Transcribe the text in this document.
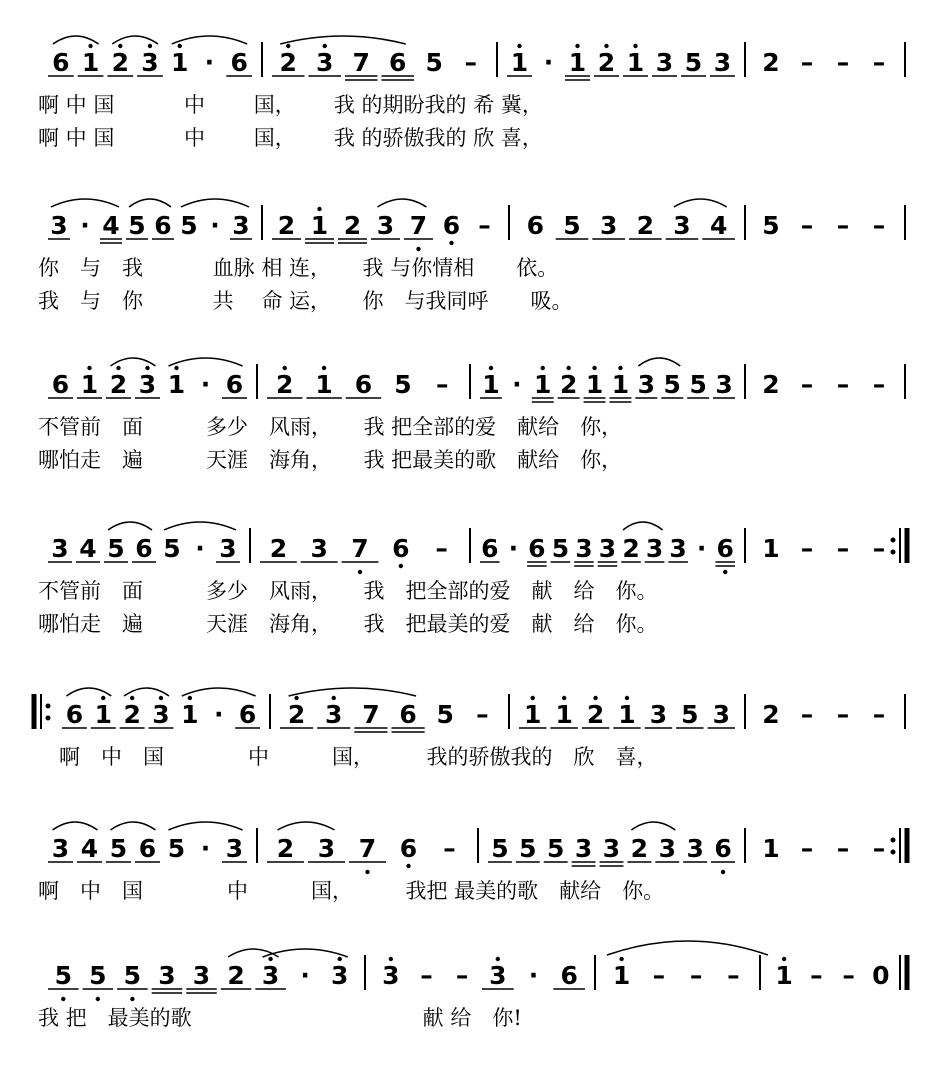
6 1 2 3 1 · 6 2 3 7 6 5 – 1 · 1 2 1 3 5 3 2 – – –
啊 中 国　　　 中　　 国，　　 我 的期盼我的 希 冀，
啊 中 国　　　 中　　 国，　　 我 的骄傲我的 欣 喜，
3 · 4 5 6 5 · 3 2 1 2 3 7 6 – 6 5 3 2 3 4 5 – – –
你　与　我　　　 血脉 相 连，　　我 与你情相　　依。
我　与　你　　　 共　 命 运，　　你　与我同呼　　吸。
6 1 2 3 1 · 6 2 1 6 5 – 1 · 1 2 1 1 3 5 5 3 2 – – –
不管前　面　　　多少　风雨，　　我 把全部的爱　献给　你，
哪怕走　遍　　　天涯　海角，　　我 把最美的歌　献给　你，
3 4 5 6 5 · 3 2 3 7 6 – 6 · 6 5 3 3 2 3 3 · 6 1 – – –
不管前　面　　　多少　风雨，　　我　把全部的爱　献　给　你。
哪怕走　遍　　　天涯　海角，　　我　把最美的爱　献　给　你。
6 1 2 3 1 · 6 2 3 7 6 5 – 1 1 2 1 3 5 3 2 – – –
　啊　中　国　　　　中　　　国，　　　我的骄傲我的　欣　喜，
3 4 5 6 5 · 3 2 3 7 6 – 5 5 5 3 3 2 3 3 6 1 – – –
啊　中　国　　　　中　　　国，　　　我把 最美的歌　献给　你。
5 5 5 3 3 2 3 · 3 3 – – 3 · 6 1 – – – 1 – – 0
我 把　最美的歌　　　　　　　　　　　献 给　你!
